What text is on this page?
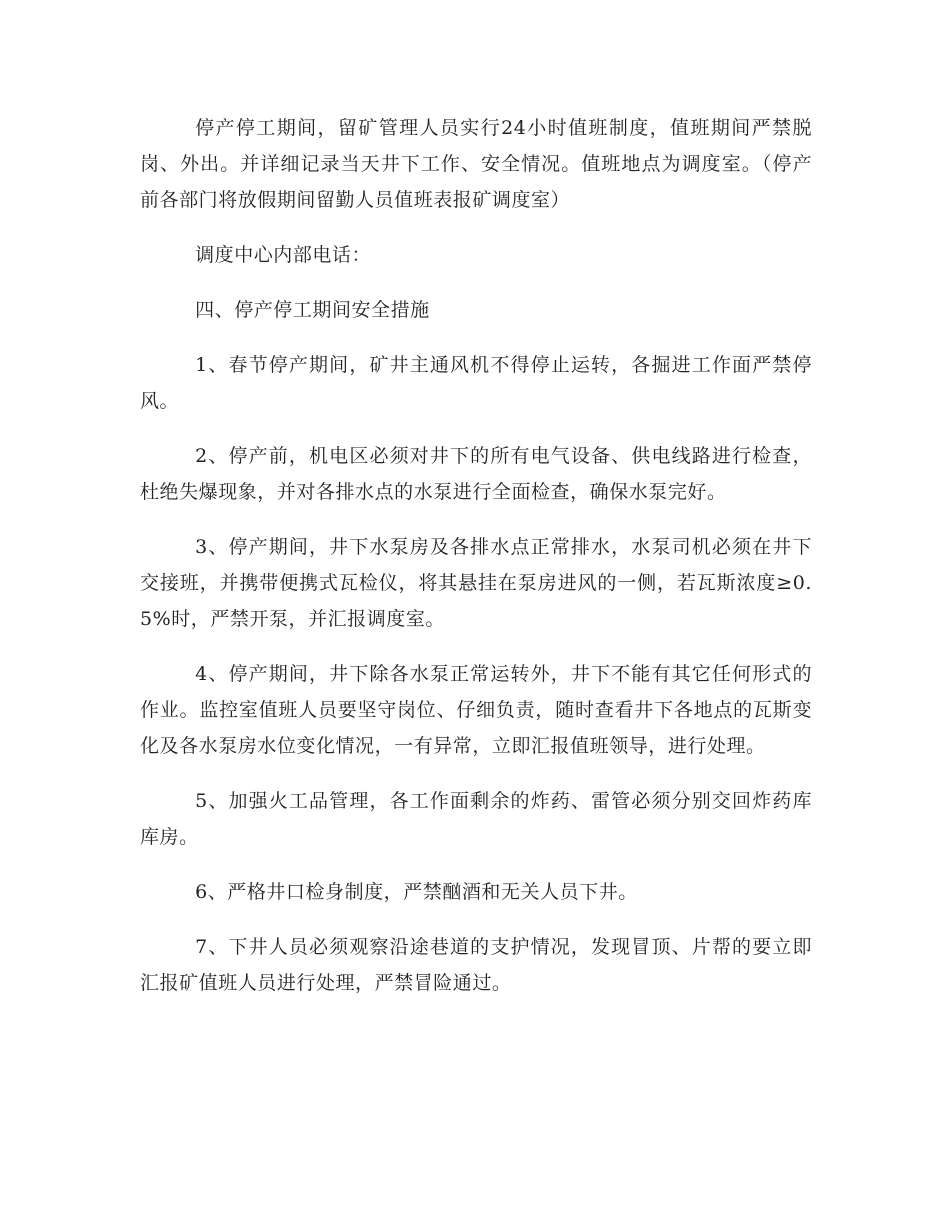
停产停工期间，留矿管理人员实行24小时值班制度，值班期间严禁脱岗、外出。并详细记录当天井下工作、安全情况。值班地点为调度室。（停产前各部门将放假期间留勤人员值班表报矿调度室）

调度中心内部电话：

四、停产停工期间安全措施

1、春节停产期间，矿井主通风机不得停止运转，各掘进工作面严禁停风。

2、停产前，机电区必须对井下的所有电气设备、供电线路进行检查，杜绝失爆现象，并对各排水点的水泵进行全面检查，确保水泵完好。

3、停产期间，井下水泵房及各排水点正常排水，水泵司机必须在井下交接班，并携带便携式瓦检仪，将其悬挂在泵房进风的一侧，若瓦斯浓度≥0.5%时，严禁开泵，并汇报调度室。

4、停产期间，井下除各水泵正常运转外，井下不能有其它任何形式的作业。监控室值班人员要坚守岗位、仔细负责，随时查看井下各地点的瓦斯变化及各水泵房水位变化情况，一有异常，立即汇报值班领导，进行处理。

5、加强火工品管理，各工作面剩余的炸药、雷管必须分别交回炸药库库房。

6、严格井口检身制度，严禁酗酒和无关人员下井。

7、下井人员必须观察沿途巷道的支护情况，发现冒顶、片帮的要立即汇报矿值班人员进行处理，严禁冒险通过。
